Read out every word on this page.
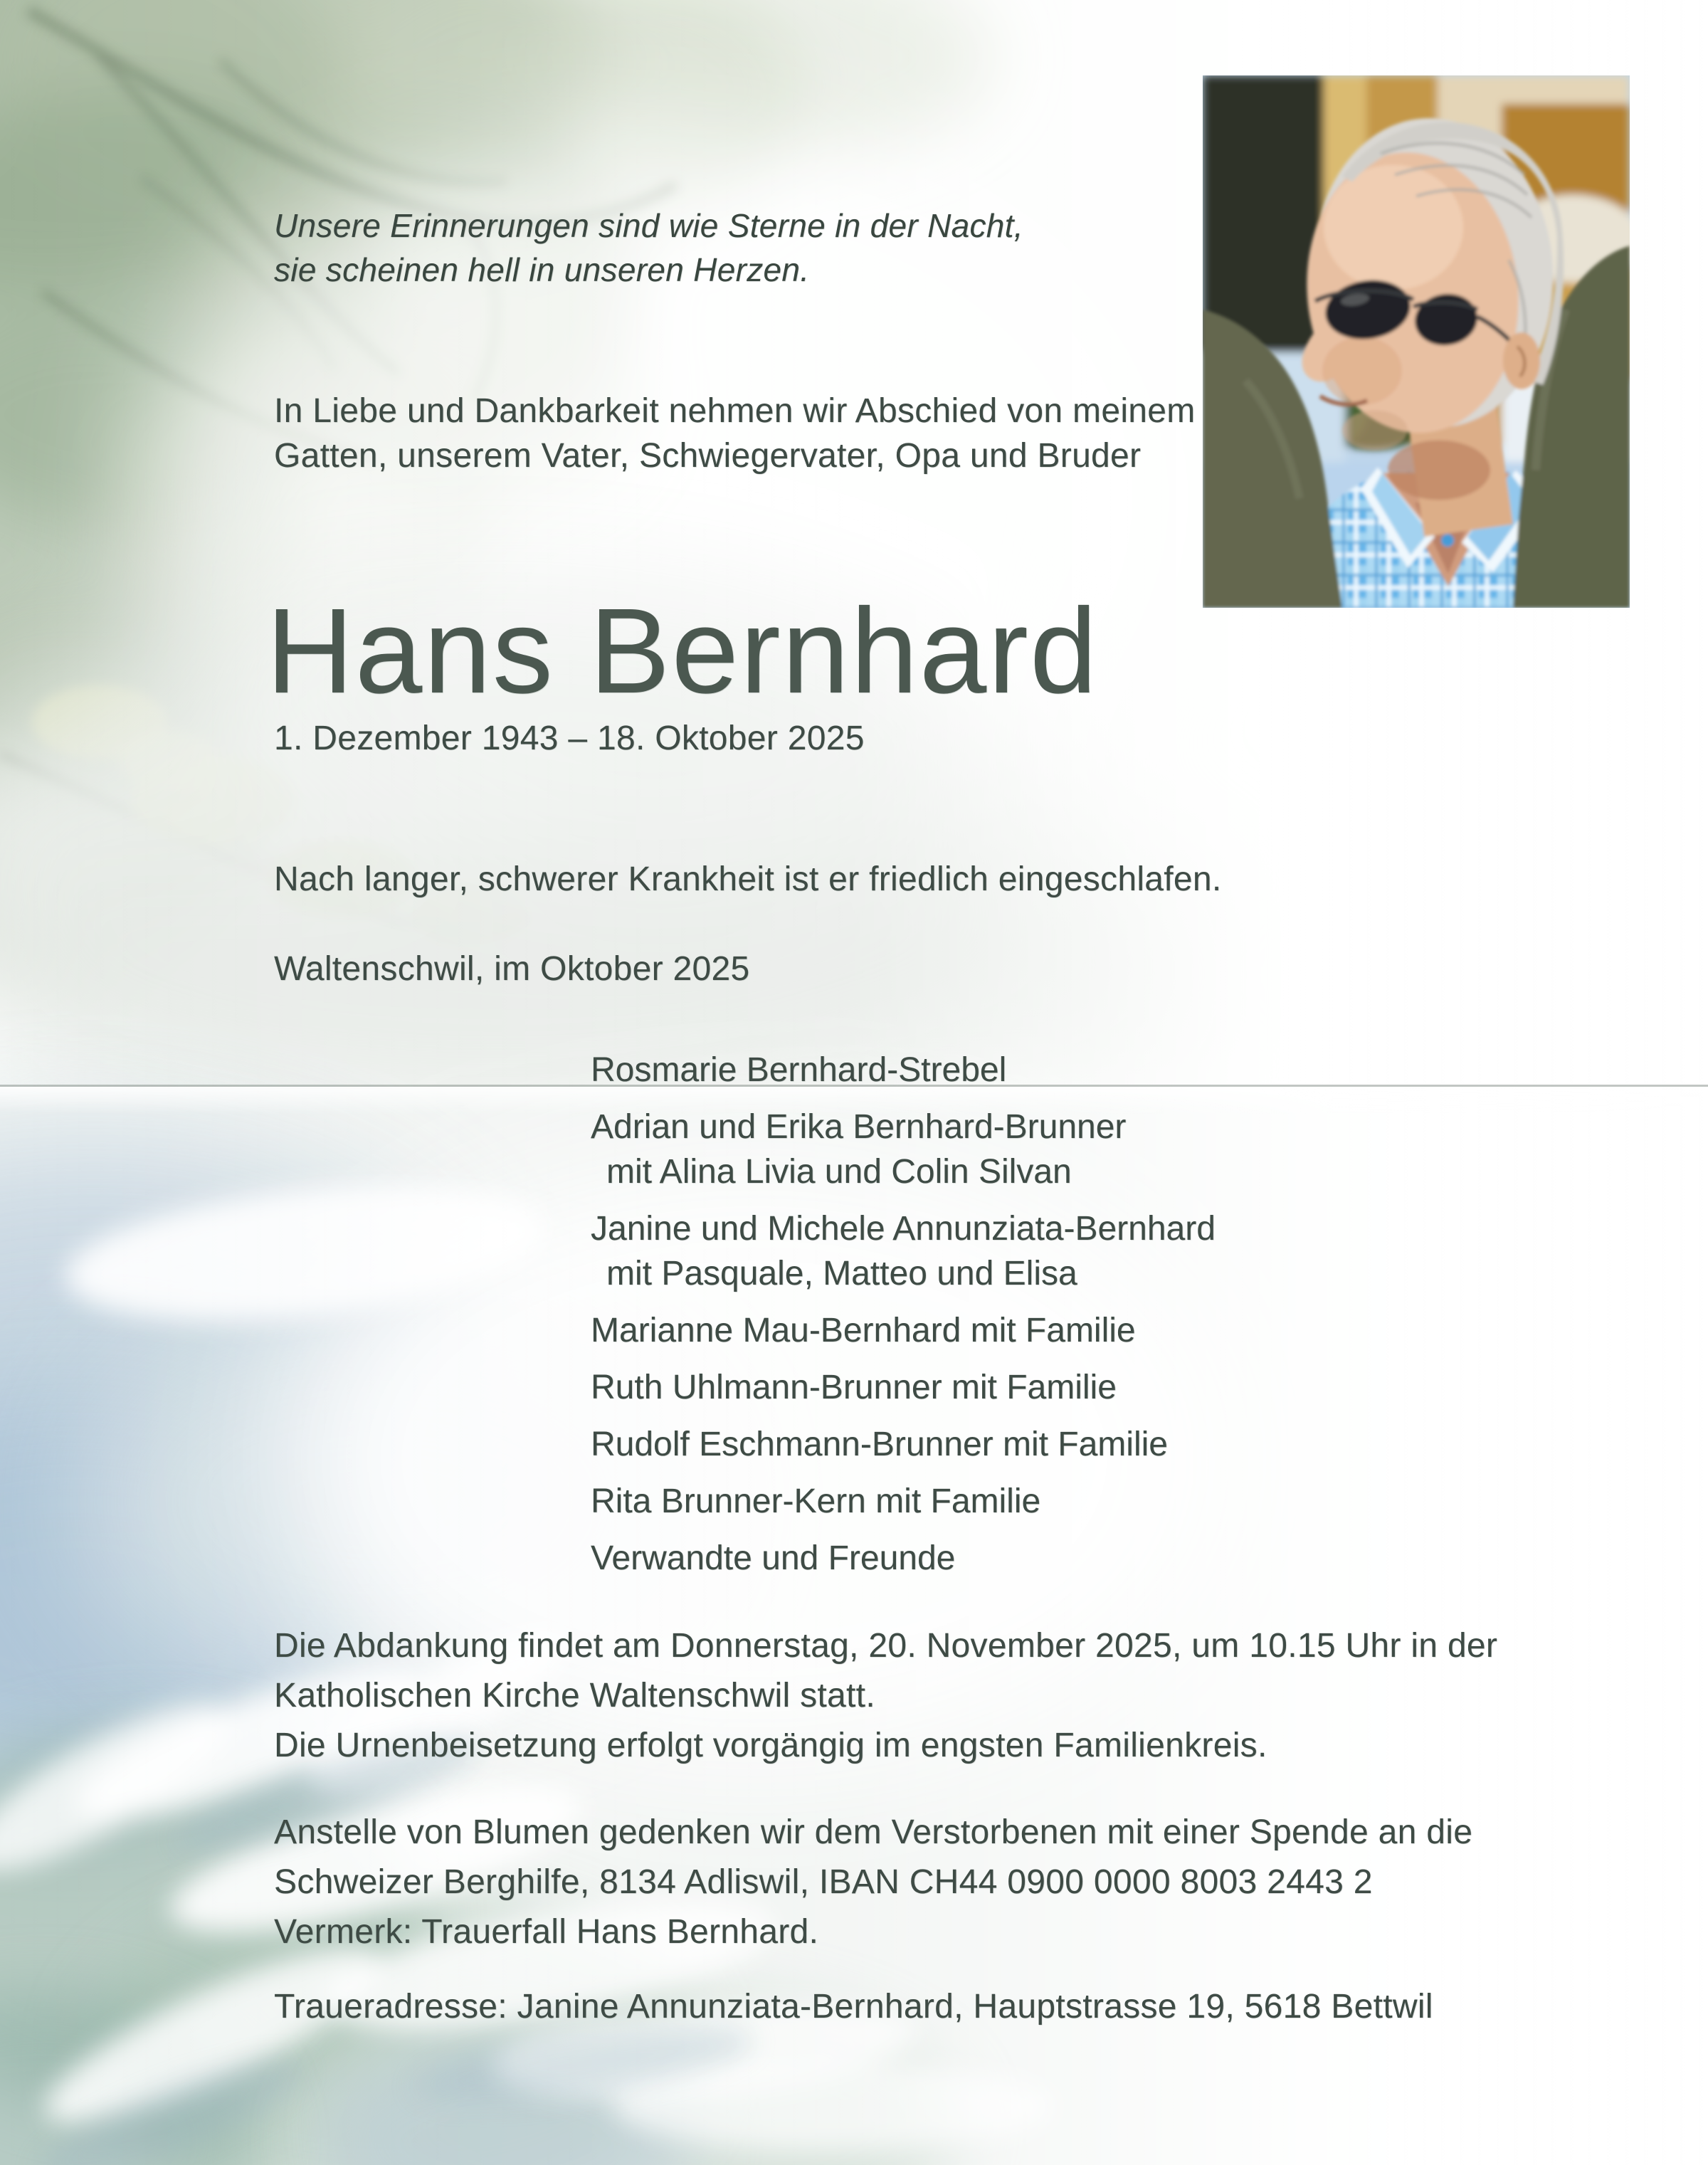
Unsere Erinnerungen sind wie Sterne in der Nacht,
sie scheinen hell in unseren Herzen.
In Liebe und Dankbarkeit nehmen wir Abschied von meinem
Gatten, unserem Vater, Schwiegervater, Opa und Bruder
Hans Bernhard
1. Dezember 1943 – 18. Oktober 2025
Nach langer, schwerer Krankheit ist er friedlich eingeschlafen.
Waltenschwil, im Oktober 2025
Rosmarie Bernhard-Strebel
Adrian und Erika Bernhard-Brunner
mit Alina Livia und Colin Silvan
Janine und Michele Annunziata-Bernhard
mit Pasquale, Matteo und Elisa
Marianne Mau-Bernhard mit Familie
Ruth Uhlmann-Brunner mit Familie
Rudolf Eschmann-Brunner mit Familie
Rita Brunner-Kern mit Familie
Verwandte und Freunde
Die Abdankung findet am Donnerstag, 20. November 2025, um 10.15 Uhr in der
Katholischen Kirche Waltenschwil statt.
Die Urnenbeisetzung erfolgt vorgängig im engsten Familienkreis.
Anstelle von Blumen gedenken wir dem Verstorbenen mit einer Spende an die
Schweizer Berghilfe, 8134 Adliswil, IBAN CH44 0900 0000 8003 2443 2
Vermerk: Trauerfall Hans Bernhard.
Traueradresse: Janine Annunziata-Bernhard, Hauptstrasse 19, 5618 Bettwil
